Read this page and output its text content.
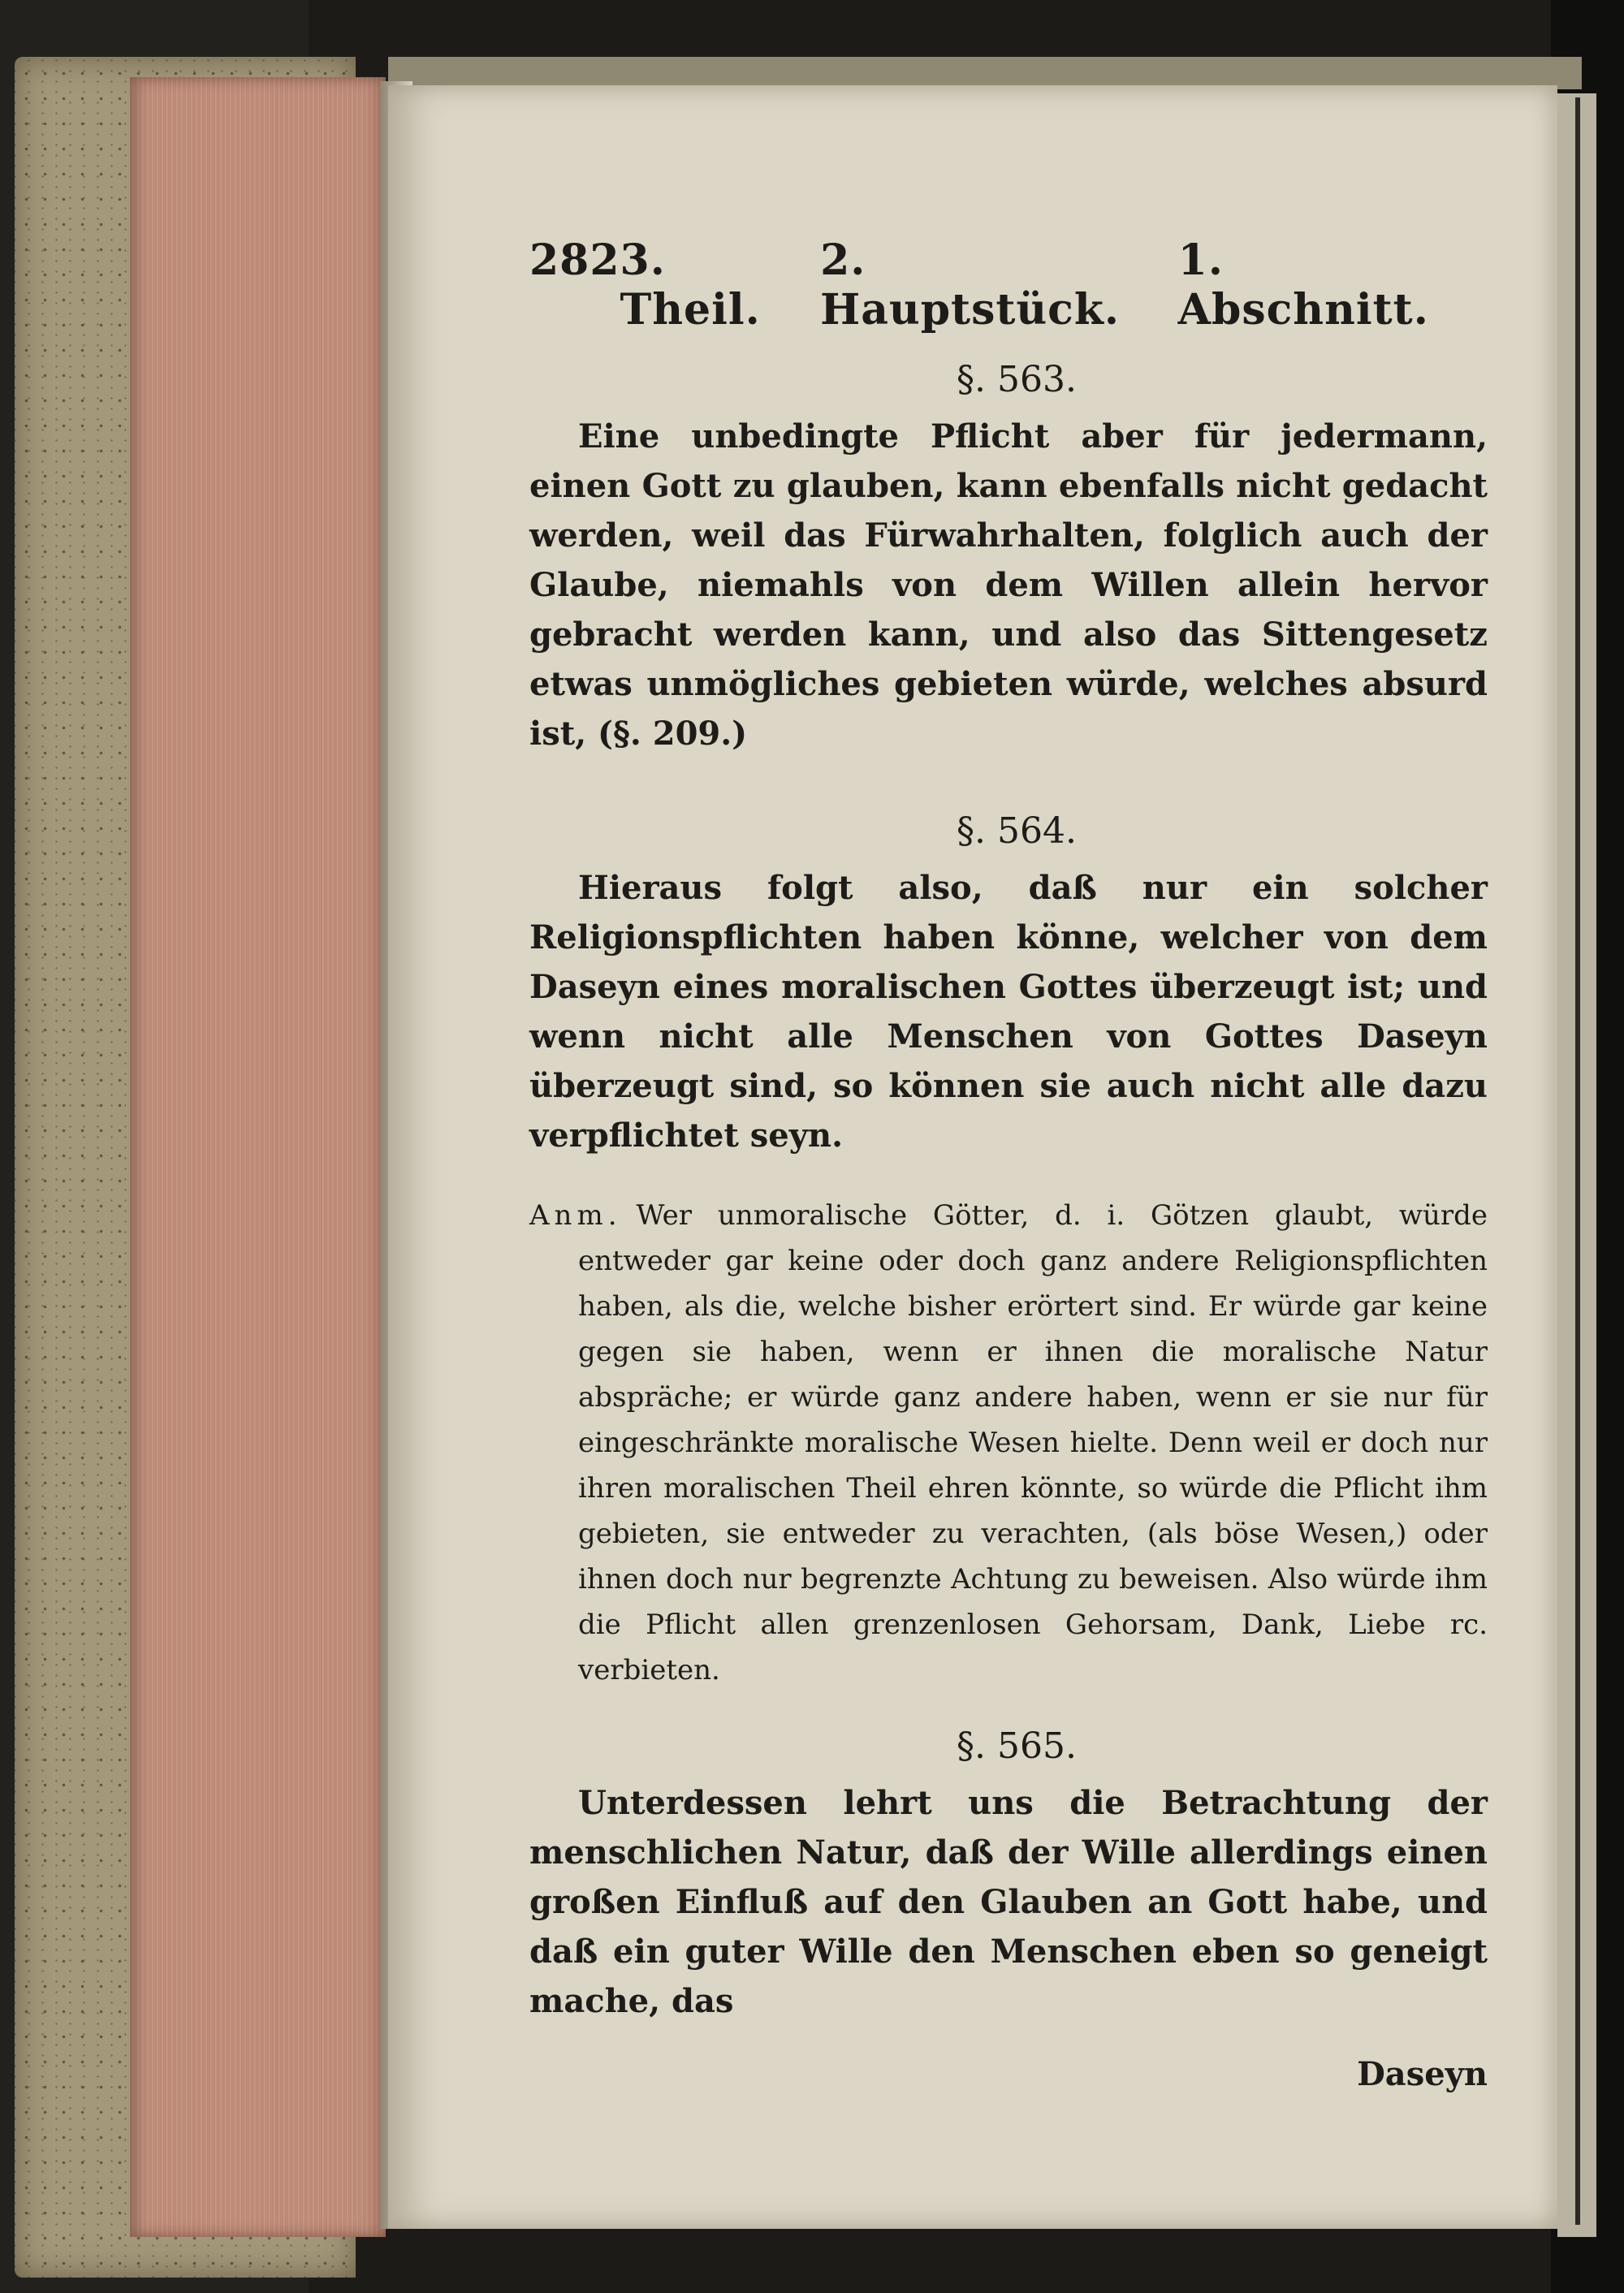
282 3. Theil.
2. Hauptstück.
1. Abschnitt.
§. 563.

Eine unbedingte Pflicht aber für jedermann, einen Gott zu glauben, kann ebenfalls nicht gedacht werden, weil das Fürwahrhalten, folglich auch der Glaube, niemahls von dem Willen allein hervor gebracht werden kann, und also das Sittengesetz etwas unmögliches gebieten würde, welches absurd ist, (§. 209.)

§. 564.

Hieraus folgt also, daß nur ein solcher Religionspflichten haben könne, welcher von dem Daseyn eines moralischen Gottes überzeugt ist; und wenn nicht alle Menschen von Gottes Daseyn überzeugt sind, so können sie auch nicht alle dazu verpflichtet seyn.

Anm. Wer unmoralische Götter, d. i. Götzen glaubt, würde entweder gar keine oder doch ganz andere Religionspflichten haben, als die, welche bisher erörtert sind. Er würde gar keine gegen sie haben, wenn er ihnen die moralische Natur abspräche; er würde ganz andere haben, wenn er sie nur für eingeschränkte moralische Wesen hielte. Denn weil er doch nur ihren moralischen Theil ehren könnte, so würde die Pflicht ihm gebieten, sie entweder zu verachten, (als böse Wesen,) oder ihnen doch nur begrenzte Achtung zu beweisen. Also würde ihm die Pflicht allen grenzenlosen Gehorsam, Dank, Liebe rc. verbieten.
§. 565.

Unterdessen lehrt uns die Betrachtung der menschlichen Natur, daß der Wille allerdings einen großen Einfluß auf den Glauben an Gott habe, und daß ein guter Wille den Menschen eben so geneigt mache, das

Daseyn
